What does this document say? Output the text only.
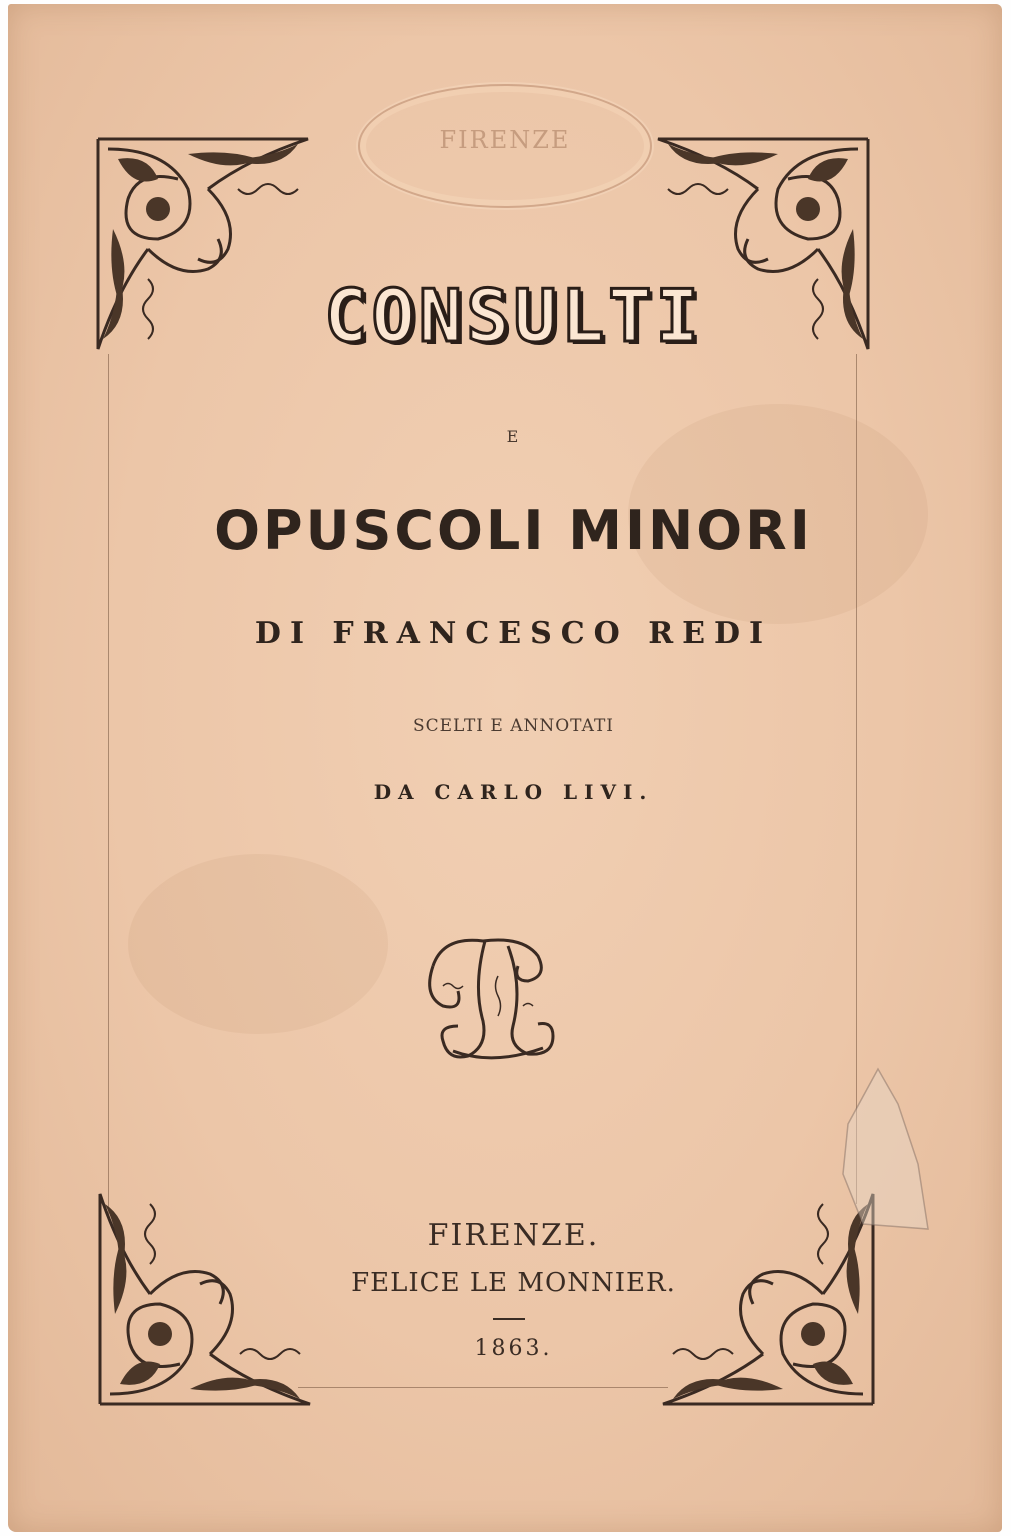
FIRENZE
CONSULTI
E
OPUSCOLI MINORI
DI FRANCESCO REDI
SCELTI E ANNOTATI
DA CARLO LIVI.
FIRENZE.
FELICE LE MONNIER.
1863.
